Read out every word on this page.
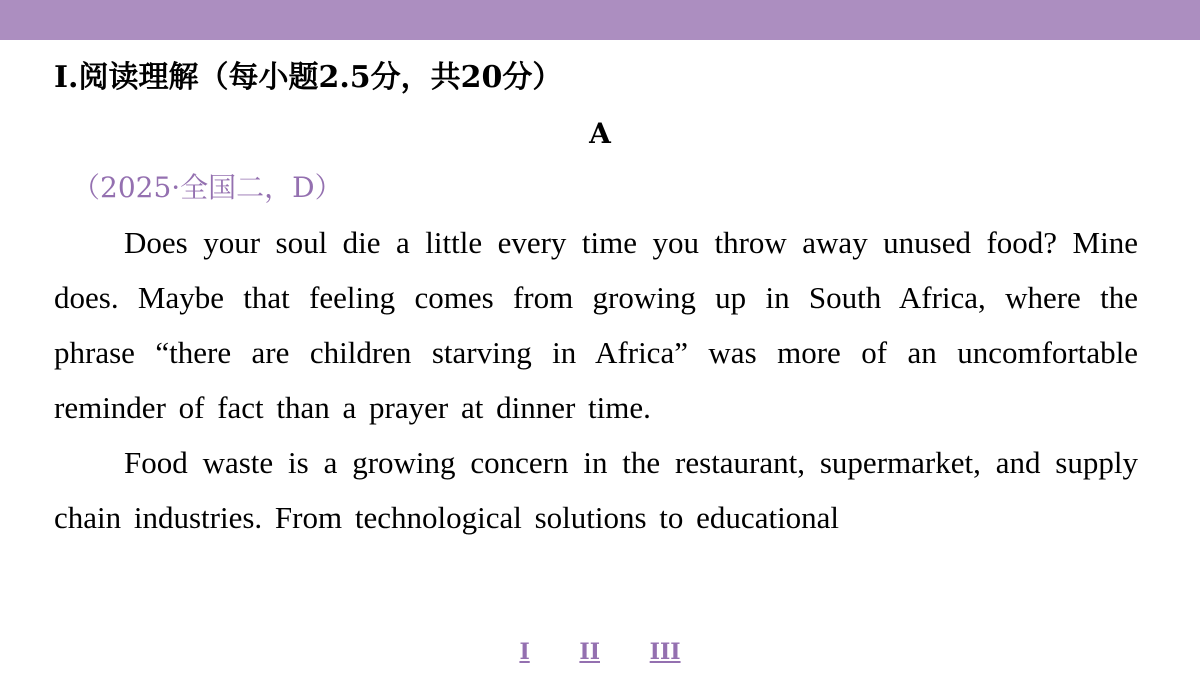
I.阅读理解（每小题2.5分，共20分）
A
（2025·全国二，D）

Does your soul die a little every time you throw away unused food? Mine does. Maybe that feeling comes from growing up in South Africa, where the phrase “there are children starving in Africa” was more of an uncomfortable reminder of fact than a prayer at dinner time.

Food waste is a growing concern in the restaurant, supermarket, and supply chain industries. From technological solutions to educational

I II III
